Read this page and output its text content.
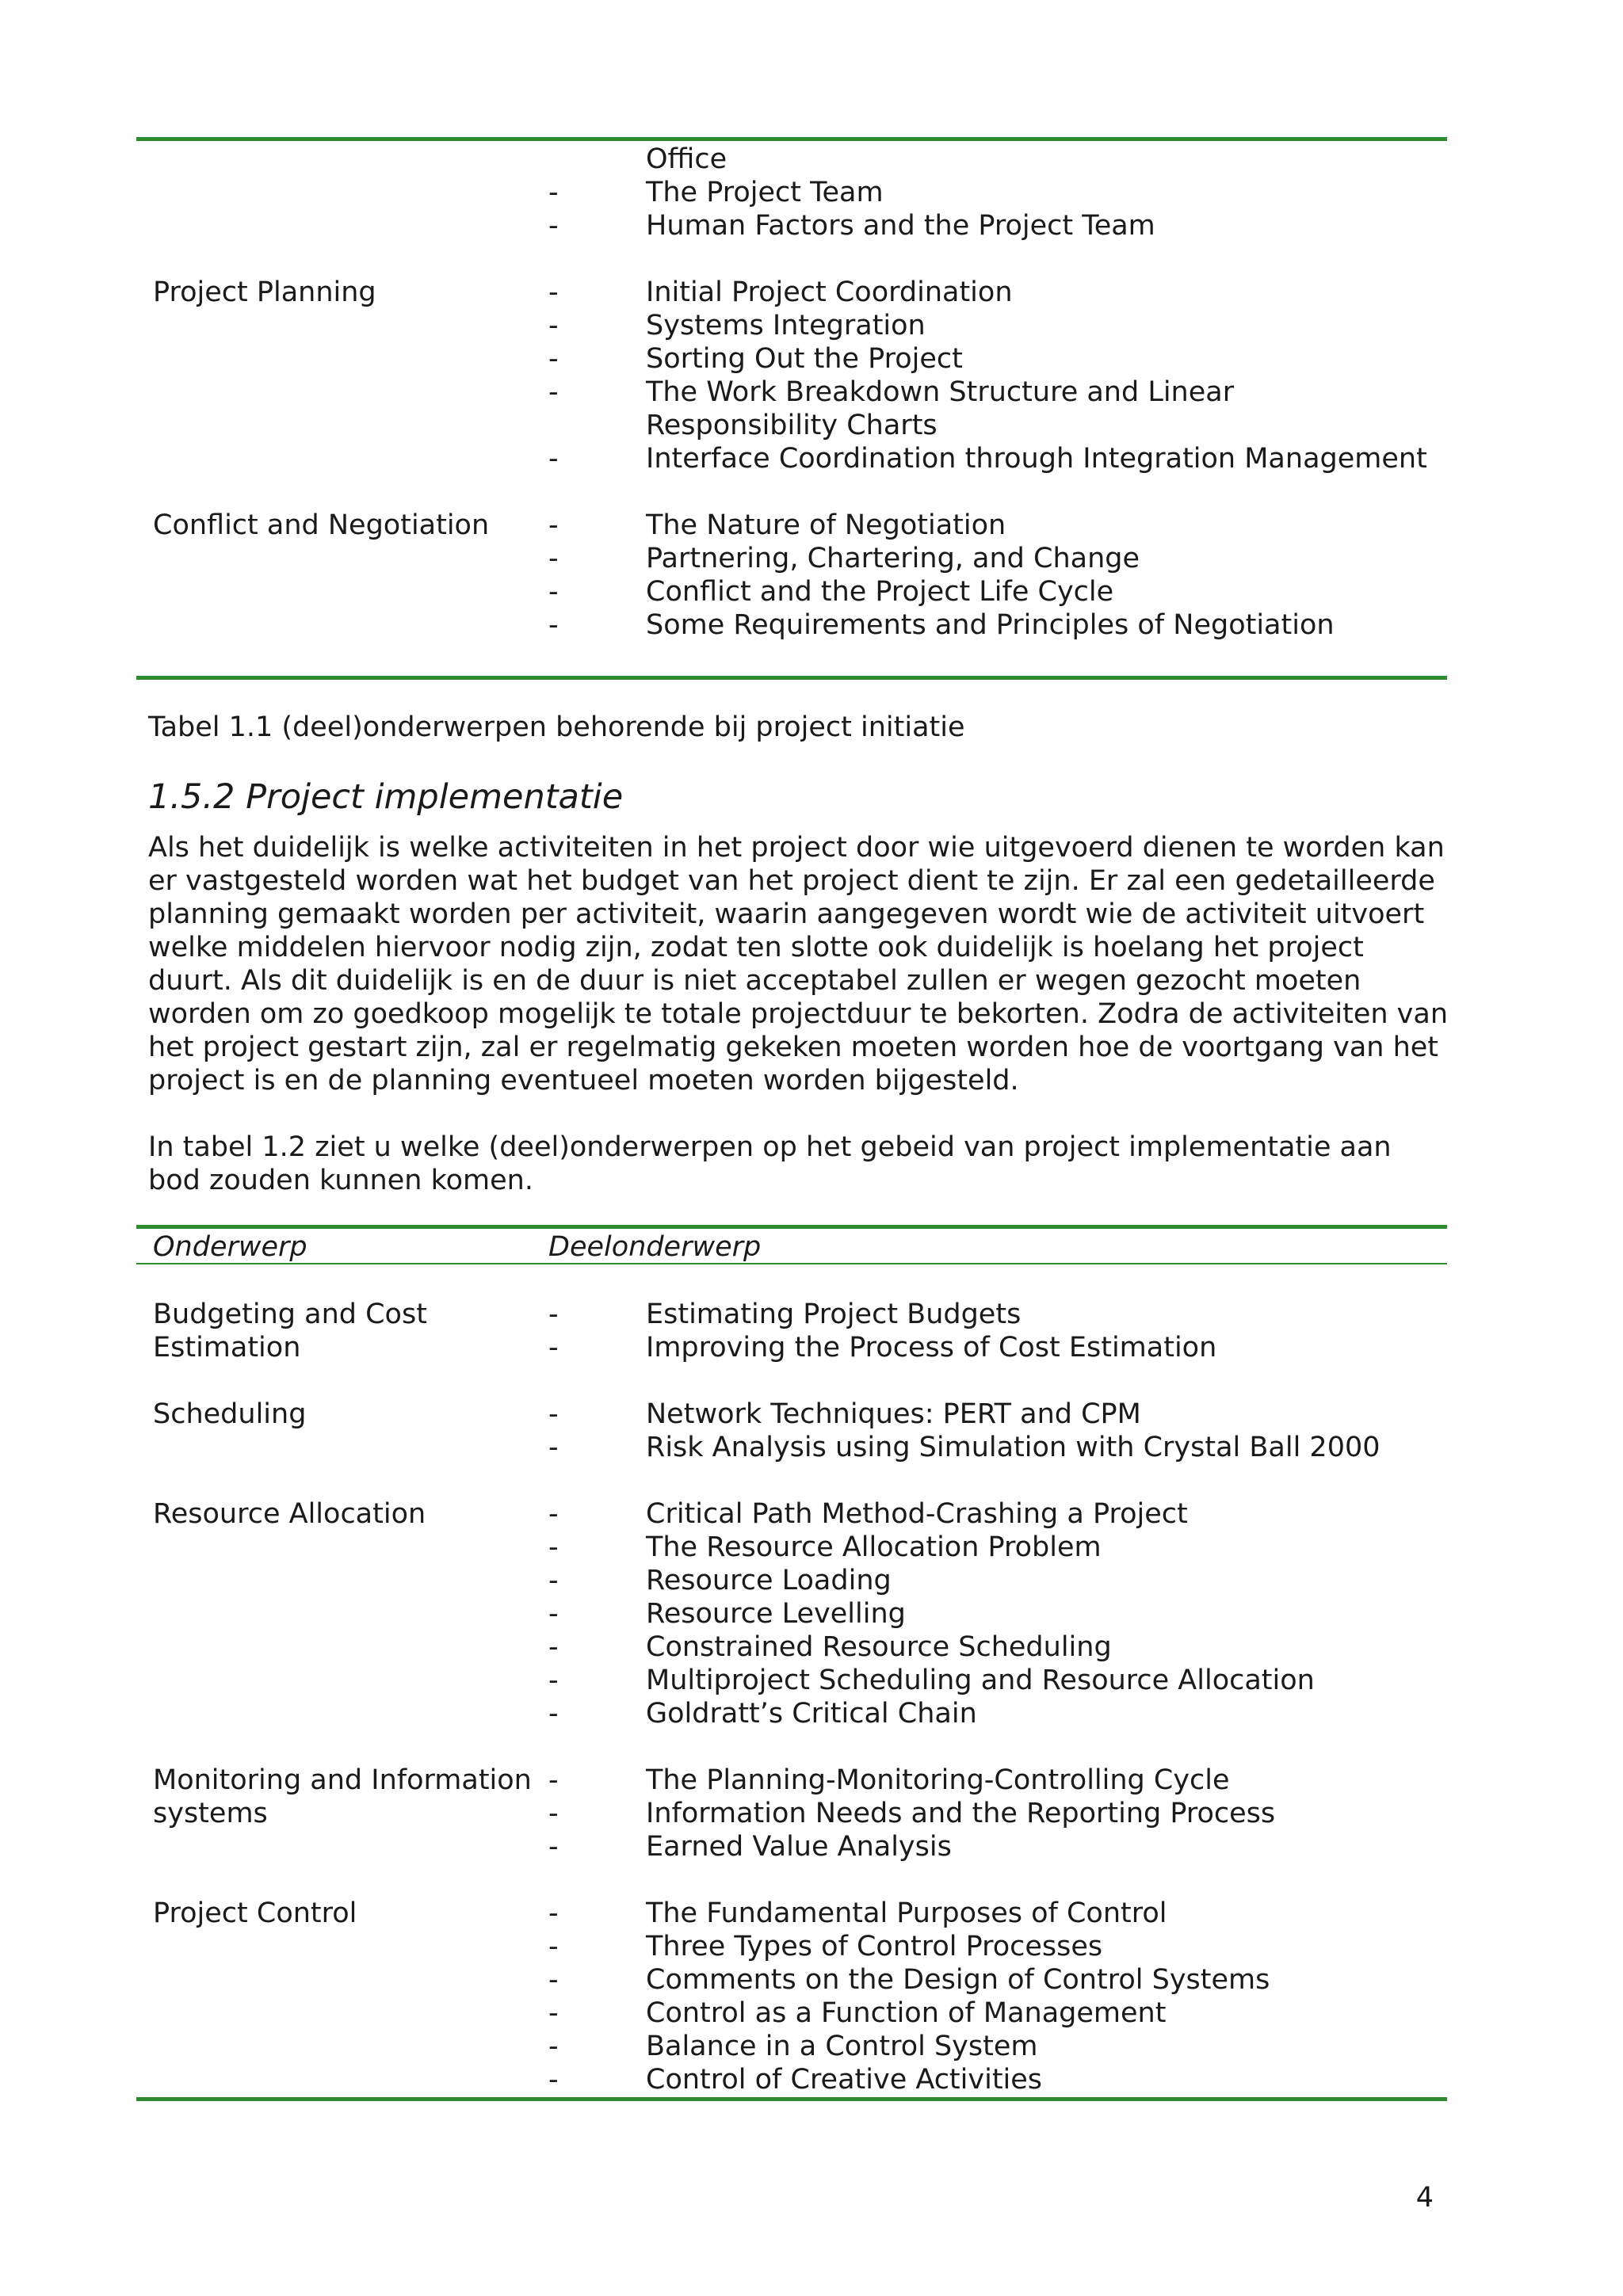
Office
-	The Project Team
-	Human Factors and the Project Team
Project Planning	-	Initial Project Coordination
-	Systems Integration
-	Sorting Out the Project
-	The Work Breakdown Structure and Linear
Responsibility Charts
-	Interface Coordination through Integration Management
Conflict and Negotiation	-	The Nature of Negotiation
-	Partnering, Chartering, and Change
-	Conflict and the Project Life Cycle
-	Some Requirements and Principles of Negotiation
Tabel 1.1 (deel)onderwerpen behorende bij project initiatie
1.5.2 Project implementatie
Als het duidelijk is welke activiteiten in het project door wie uitgevoerd dienen te worden kan er vastgesteld worden wat het budget van het project dient te zijn. Er zal een gedetailleerde planning gemaakt worden per activiteit, waarin aangegeven wordt wie de activiteit uitvoert welke middelen hiervoor nodig zijn, zodat ten slotte ook duidelijk is hoelang het project duurt. Als dit duidelijk is en de duur is niet acceptabel zullen er wegen gezocht moeten worden om zo goedkoop mogelijk te totale projectduur te bekorten. Zodra de activiteiten van het project gestart zijn, zal er regelmatig gekeken moeten worden hoe de voortgang van het project is en de planning eventueel moeten worden bijgesteld.
In tabel 1.2 ziet u welke (deel)onderwerpen op het gebeid van project implementatie aan bod zouden kunnen komen.
Onderwerp	Deelonderwerp
Budgeting and Cost Estimation
-	Estimating Project Budgets
-	Improving the Process of Cost Estimation
Scheduling	-	Network Techniques: PERT and CPM
-	Risk Analysis using Simulation with Crystal Ball 2000
Resource Allocation	-	Critical Path Method-Crashing a Project
-	The Resource Allocation Problem
-	Resource Loading
-	Resource Levelling
-	Constrained Resource Scheduling
-	Multiproject Scheduling and Resource Allocation
-	Goldratt’s Critical Chain
Monitoring and Information systems
-	The Planning-Monitoring-Controlling Cycle
-	Information Needs and the Reporting Process
-	Earned Value Analysis
Project Control	-	The Fundamental Purposes of Control
-	Three Types of Control Processes
-	Comments on the Design of Control Systems
-	Control as a Function of Management
-	Balance in a Control System
-	Control of Creative Activities
4
